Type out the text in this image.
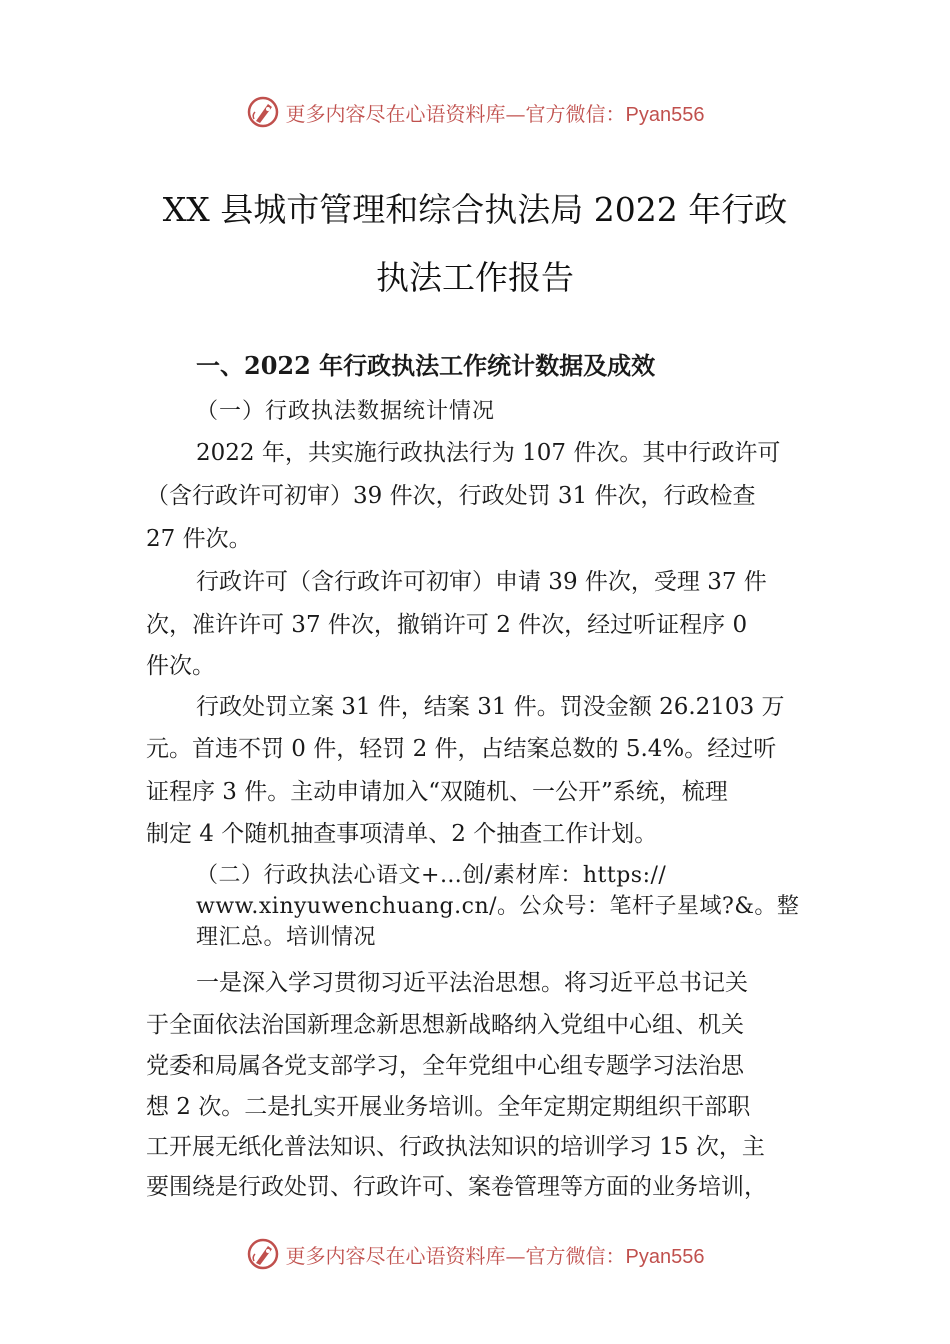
更多内容尽在心语资料库—官方微信：Pyan556
XX 县城市管理和综合执法局 2022 年行政
执法工作报告
一、2022 年行政执法工作统计数据及成效
（一）行政执法数据统计情况
2022 年，共实施行政执法行为 107 件次。其中行政许可
（含行政许可初审）39 件次，行政处罚 31 件次，行政检查
27 件次。
行政许可（含行政许可初审）申请 39 件次，受理 37 件
次，准许许可 37 件次，撤销许可 2 件次，经过听证程序 0
件次。
行政处罚立案 31 件，结案 31 件。罚没金额 26.2103 万
元。首违不罚 0 件，轻罚 2 件，占结案总数的 5.4%。经过听
证程序 3 件。主动申请加入“双随机、一公开”系统，梳理
制定 4 个随机抽查事项清单、2 个抽查工作计划。
（二）行政执法心语文+…创/素材库：https://
www.xinyuwenchuang.cn/。公众号：笔杆子星域?&。整
理汇总。培训情况
一是深入学习贯彻习近平法治思想。将习近平总书记关
于全面依法治国新理念新思想新战略纳入党组中心组、机关
党委和局属各党支部学习，全年党组中心组专题学习法治思
想 2 次。二是扎实开展业务培训。全年定期定期组织干部职
工开展无纸化普法知识、行政执法知识的培训学习 15 次，主
要围绕是行政处罚、行政许可、案卷管理等方面的业务培训，
更多内容尽在心语资料库—官方微信：Pyan556
